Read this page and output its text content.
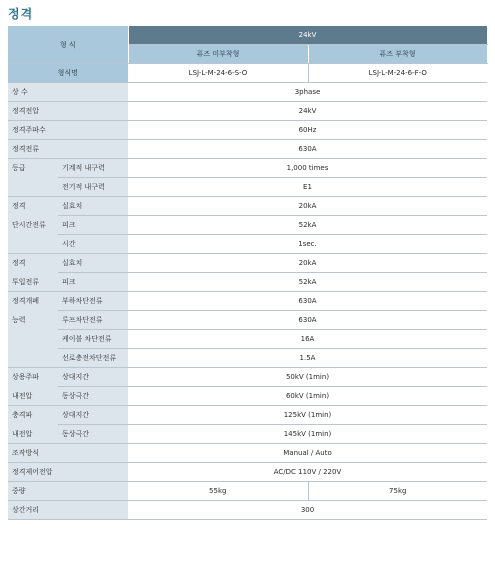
정격
형 식		24kV	
		퓨즈 미부착형	퓨즈 부착형
형식명		LSJ-L-M-24-6-S-O	LSJ-L-M-24-6-F-O
상 수		3phase	
정격전압		24kV	
정격주파수		60Hz	
정격전류		630A	
등급	기계적 내구력	1,000 times	
	전기적 내구력	E1	
정격	실효치	20kA	
단시간전류	피크	52kA	
	시간	1sec.	
정격	실효치	20kA	
투입전류	피크	52kA	
정격개폐	부하차단전류	630A	
능력	루프차단전류	630A	
	케이블 차단전류	16A	
	선로충전차단전류	1.5A	
상용주파	상대지간	50kV (1min)	
내전압	동상극간	60kV (1min)	
충격파	상대지간	125kV (1min)	
내전압	동상극간	145kV (1min)	
조작방식		Manual / Auto	
정격제어전압		AC/DC 110V / 220V	
중량		55kg	75kg
상간거리		300	
